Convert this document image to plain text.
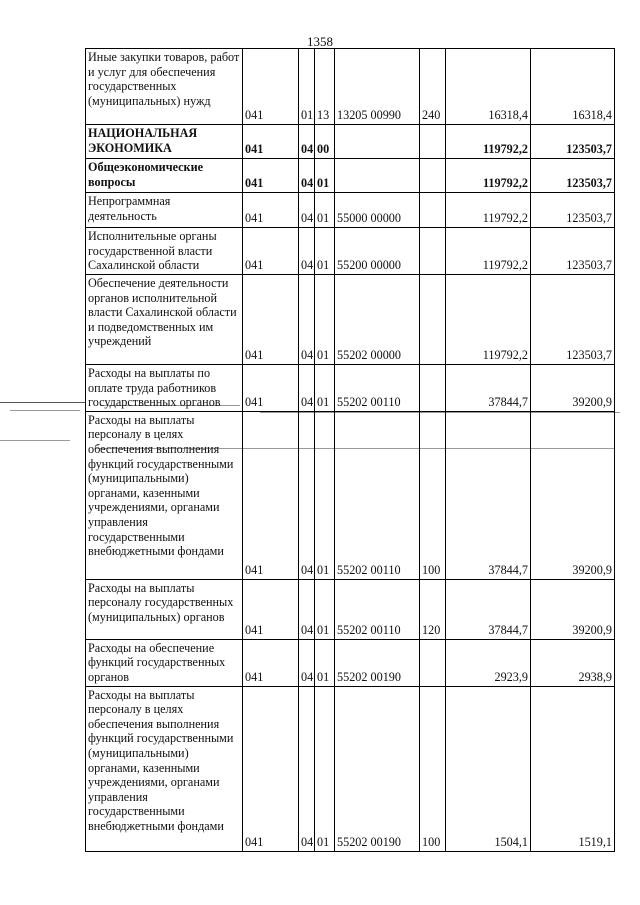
1358
Иные закупки товаров, работ и услуг для обеспечения государственных (муниципальных) нужд	041	01	13	13205 00990	240	16318,4	16318,4
НАЦИОНАЛЬНАЯ ЭКОНОМИКА	041	04	00			119792,2	123503,7
Общеэкономические вопросы	041	04	01			119792,2	123503,7
Непрограммная деятельность	041	04	01	55000 00000		119792,2	123503,7
Исполнительные органы государственной власти Сахалинской области	041	04	01	55200 00000		119792,2	123503,7
Обеспечение деятельности органов исполнительной власти Сахалинской области и подведомственных им учреждений	041	04	01	55202 00000		119792,2	123503,7
Расходы на выплаты по оплате труда работников государственных органов	041	04	01	55202 00110		37844,7	39200,9
Расходы на выплаты персоналу в целях обеспечения выполнения функций государственными (муниципальными) органами, казенными учреждениями, органами управления государственными внебюджетными фондами	041	04	01	55202 00110	100	37844,7	39200,9
Расходы на выплаты персоналу государственных (муниципальных) органов	041	04	01	55202 00110	120	37844,7	39200,9
Расходы на обеспечение функций государственных органов	041	04	01	55202 00190		2923,9	2938,9
Расходы на выплаты персоналу в целях обеспечения выполнения функций государственными (муниципальными) органами, казенными учреждениями, органами управления государственными внебюджетными фондами	041	04	01	55202 00190	100	1504,1	1519,1
